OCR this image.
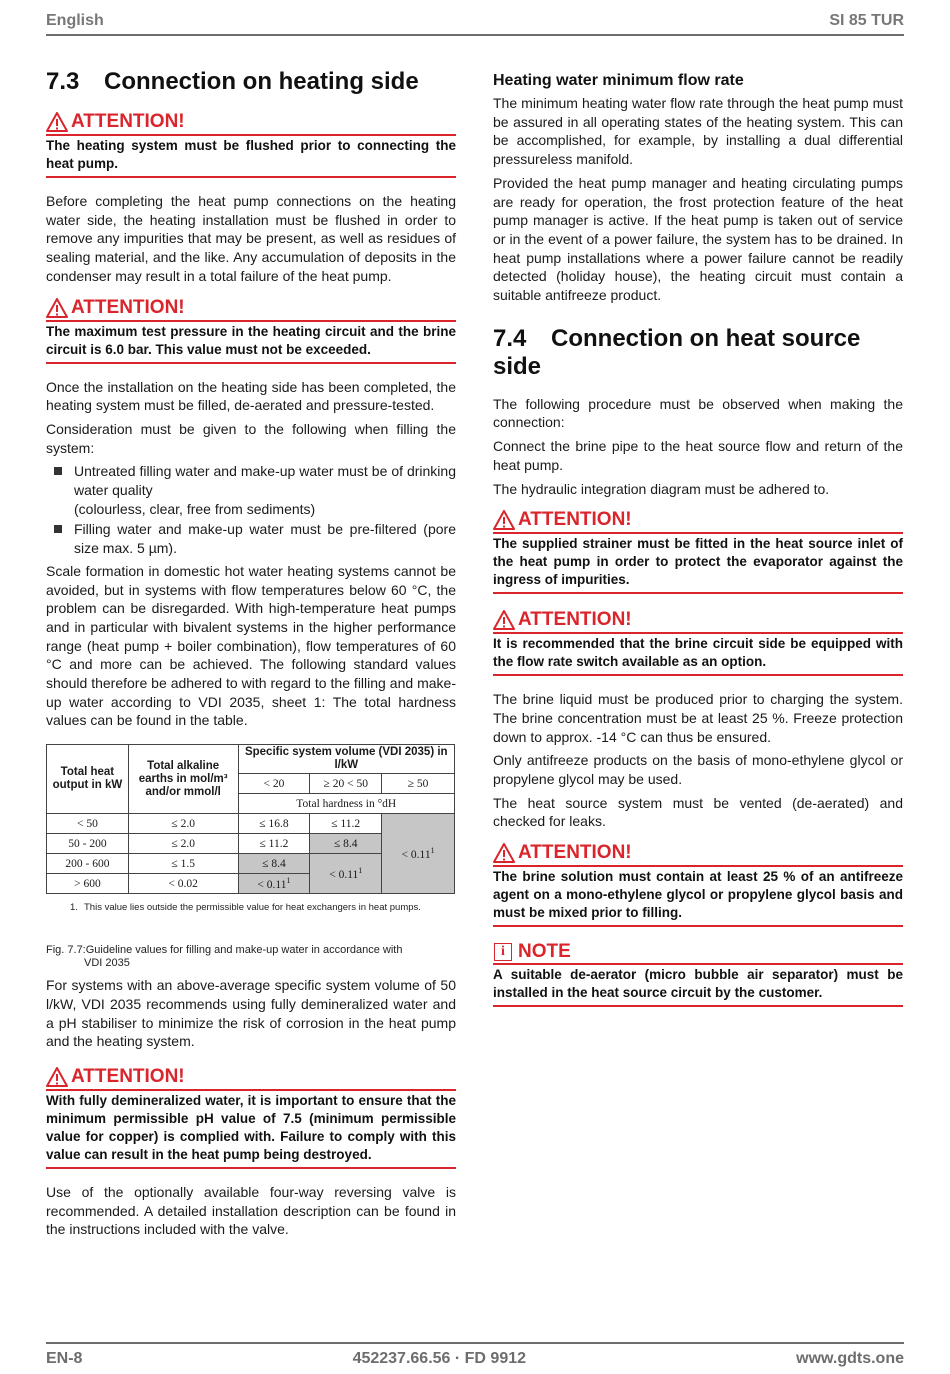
English	SI 85 TUR
7.3 Connection on heating side
ATTENTION!
The heating system must be flushed prior to connecting the heat pump.

Before completing the heat pump connections on the heating water side, the heating installation must be flushed in order to remove any impurities that may be present, as well as residues of sealing material, and the like. Any accumulation of deposits in the condenser may result in a total failure of the heat pump.

ATTENTION!
The maximum test pressure in the heating circuit and the brine circuit is 6.0 bar. This value must not be exceeded.

Once the installation on the heating side has been completed, the heating system must be filled, de-aerated and pressure-tested.

Consideration must be given to the following when filling the system:

Untreated filling water and make-up water must be of drinking water quality
(colourless, clear, free from sediments)
Filling water and make-up water must be pre-filtered (pore size max. 5 µm).

Scale formation in domestic hot water heating systems cannot be avoided, but in systems with flow temperatures below 60 °C, the problem can be disregarded. With high-temperature heat pumps and in particular with bivalent systems in the higher performance range (heat pump + boiler combination), flow temperatures of 60 °C and more can be achieved. The following standard values should therefore be adhered to with regard to the filling and make-up water according to VDI 2035, sheet 1: The total hardness values can be found in the table.

Total heat output in kW	Total alkaline earths in mol/m³ and/or mmol/l	Specific system volume (VDI 2035) in l/kW		
		< 20	≥ 20 < 50	≥ 50
		Total hardness in °dH		
< 50	≤ 2.0	≤ 16.8	≤ 11.2	< $0.11^1$
50 - 200	≤ 2.0	≤ 11.2	≤ 8.4	
200 - 600	≤ 1.5	≤ 8.4	< $0.11^1$
> 600	< 0.02	< $0.11^1$
1. This value lies outside the permissible value for heat exchangers in heat pumps.
Fig. 7.7:Guideline values for filling and make-up water in accordance with
VDI 2035

For systems with an above-average specific system volume of 50 l/kW, VDI 2035 recommends using fully demineralized water and a pH stabiliser to minimize the risk of corrosion in the heat pump and the heating system.

ATTENTION!
With fully demineralized water, it is important to ensure that the minimum permissible pH value of 7.5 (minimum permissible value for copper) is complied with. Failure to comply with this value can result in the heat pump being destroyed.

Use of the optionally available four-way reversing valve is recommended. A detailed installation description can be found in the instructions included with the valve.

Heating water minimum flow rate

The minimum heating water flow rate through the heat pump must be assured in all operating states of the heating system. This can be accomplished, for example, by installing a dual differential pressureless manifold.

Provided the heat pump manager and heating circulating pumps are ready for operation, the frost protection feature of the heat pump manager is active. If the heat pump is taken out of service or in the event of a power failure, the system has to be drained. In heat pump installations where a power failure cannot be readily detected (holiday house), the heating circuit must contain a suitable antifreeze product.

7.4 Connection on heat source side

The following procedure must be observed when making the connection:

Connect the brine pipe to the heat source flow and return of the heat pump.

The hydraulic integration diagram must be adhered to.

ATTENTION!
The supplied strainer must be fitted in the heat source inlet of the heat pump in order to protect the evaporator against the ingress of impurities.
ATTENTION!
It is recommended that the brine circuit side be equipped with the flow rate switch available as an option.

The brine liquid must be produced prior to charging the system. The brine concentration must be at least 25 %. Freeze protection down to approx. -14 °C can thus be ensured.

Only antifreeze products on the basis of mono-ethylene glycol or propylene glycol may be used.

The heat source system must be vented (de-aerated) and checked for leaks.

ATTENTION!
The brine solution must contain at least 25 % of an antifreeze agent on a mono-ethylene glycol or propylene glycol basis and must be mixed prior to filling.
i NOTE
A suitable de-aerator (micro bubble air separator) must be installed in the heat source circuit by the customer.
EN-8	452237.66.56 · FD 9912	www.gdts.one
